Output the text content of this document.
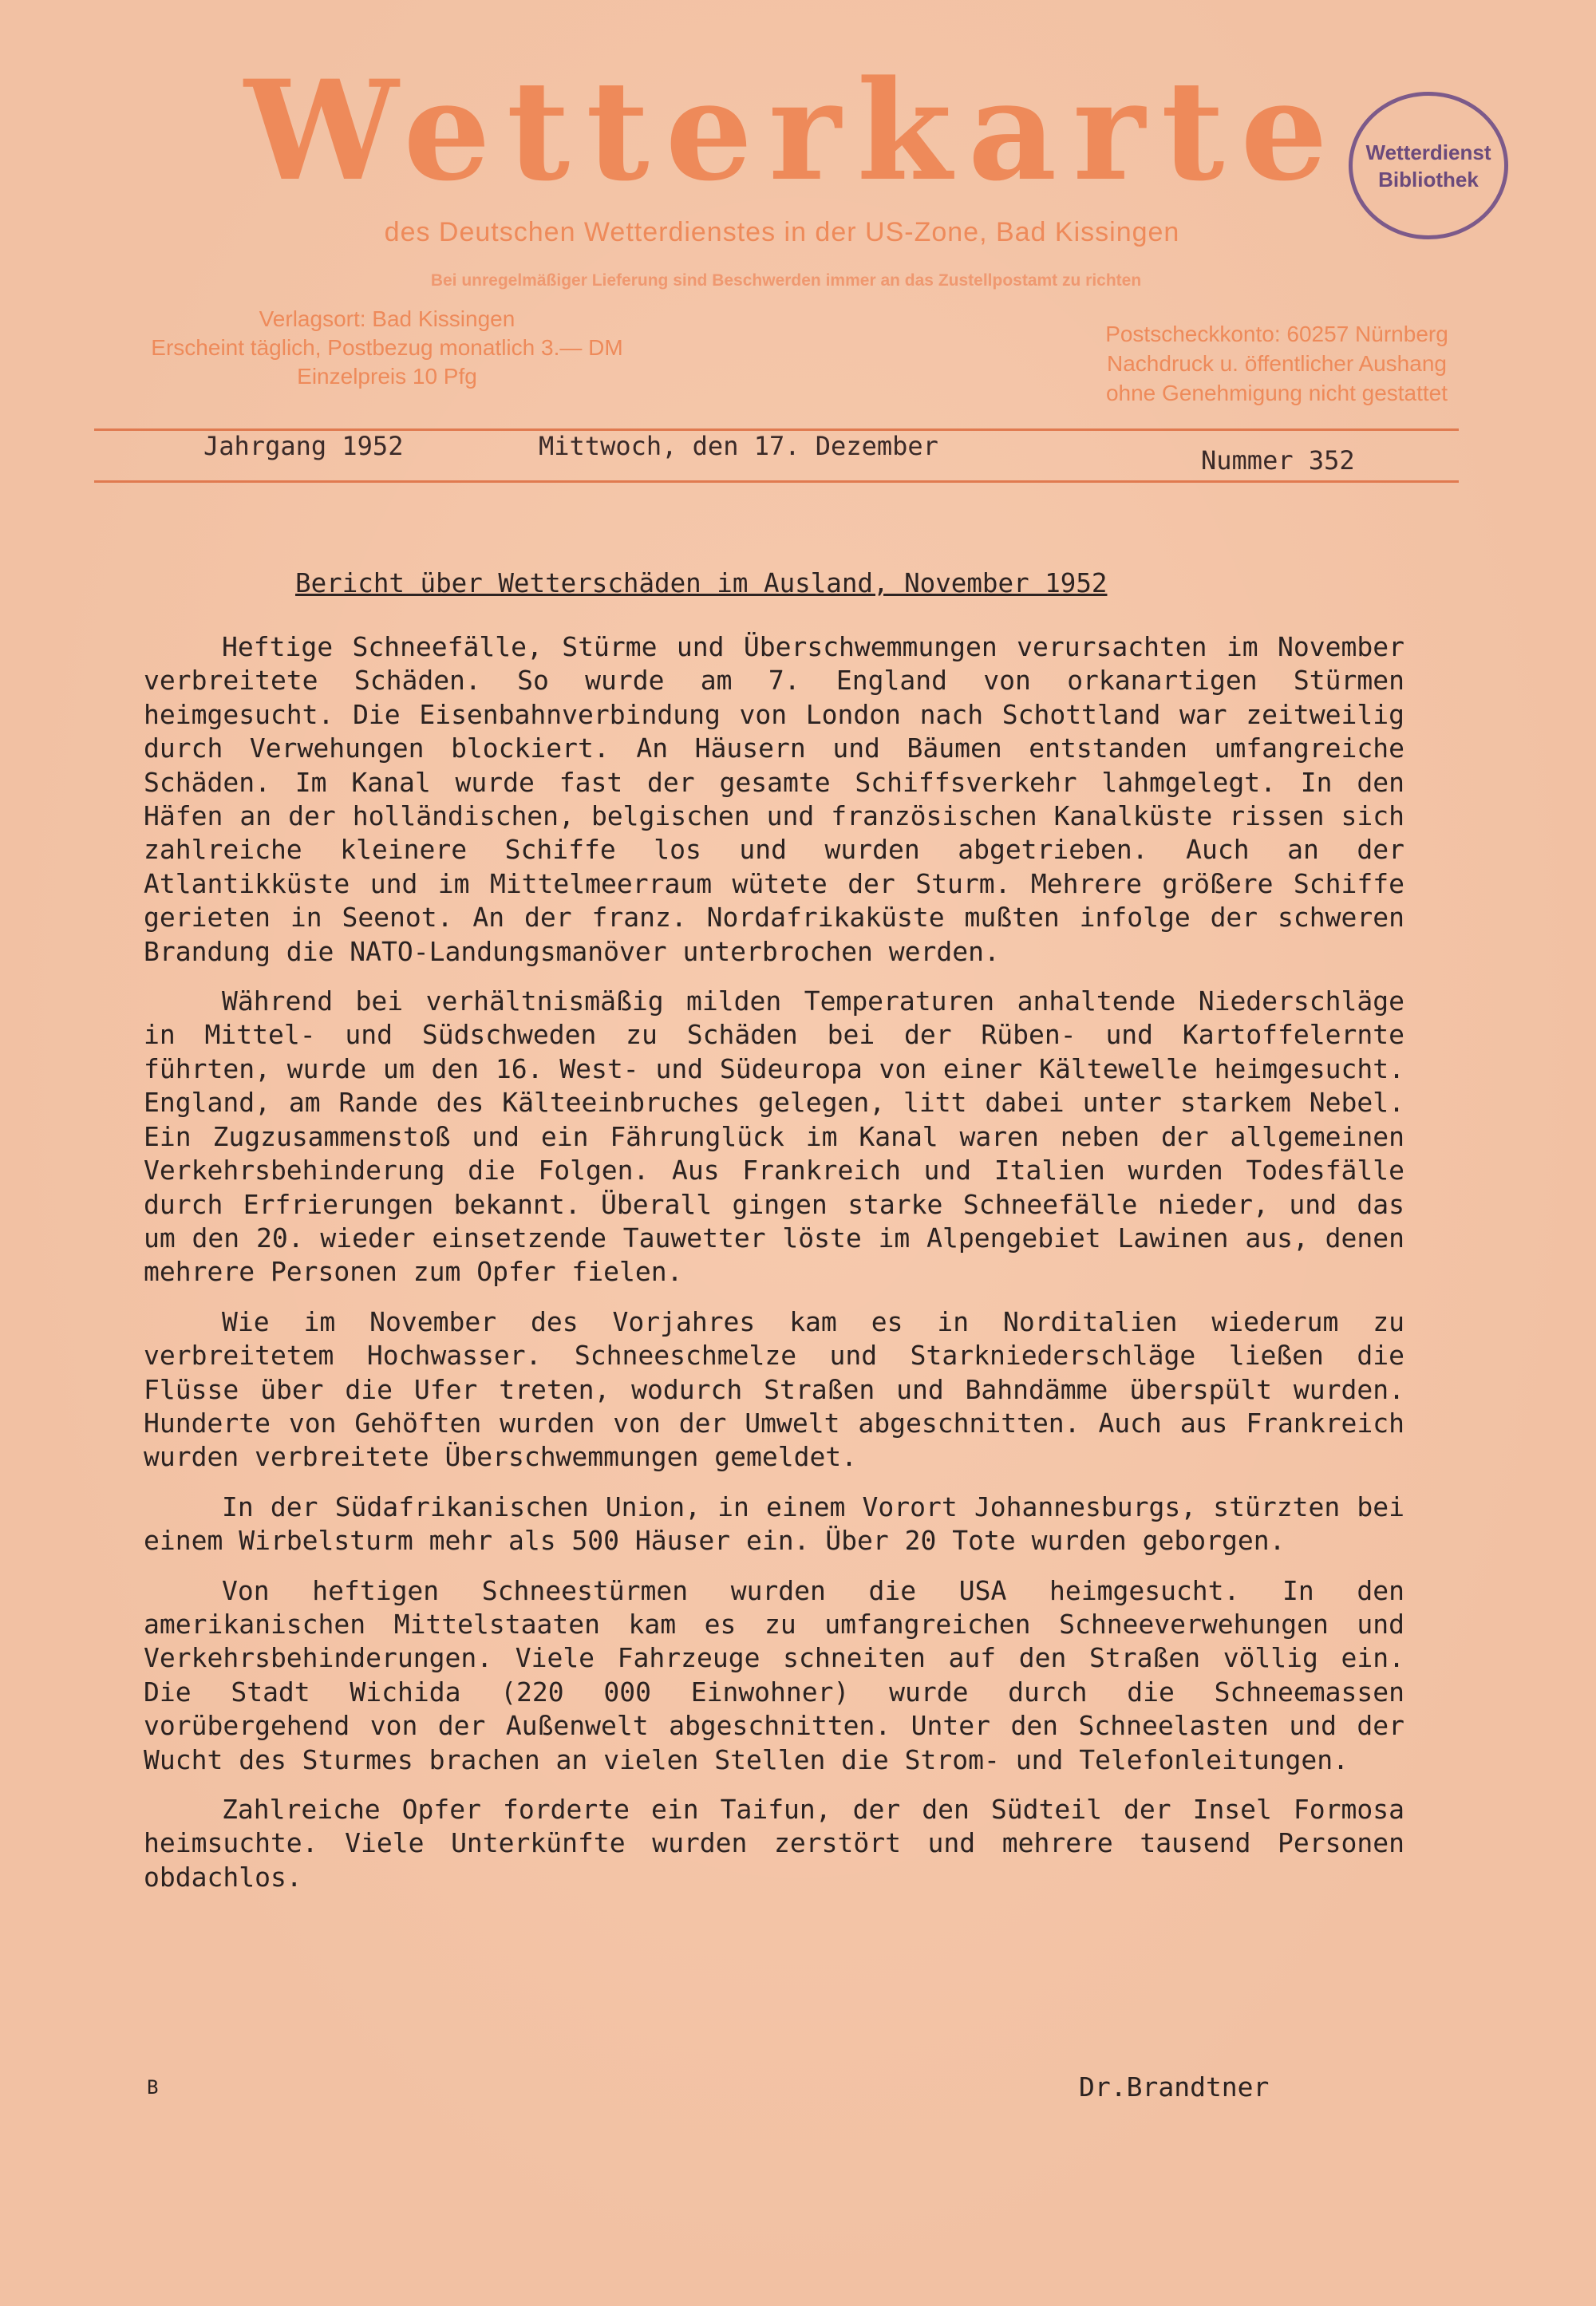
Wetterkarte
des Deutschen Wetterdienstes in der US-Zone, Bad Kissingen
Bei unregelmäßiger Lieferung sind Beschwerden immer an das Zustellpostamt zu richten
Verlagsort: Bad Kissingen
Erscheint täglich, Postbezug monatlich 3.— DM
Einzelpreis 10 Pfg
Postscheckkonto: 60257 Nürnberg
Nachdruck u. öffentlicher Aushang
ohne Genehmigung nicht gestattet
Wetterdienst
Bibliothek
Jahrgang 1952	Mittwoch, den 17. Dezember	Nummer 352
Bericht über Wetterschäden im Ausland, November 1952

Heftige Schneefälle, Stürme und Überschwemmungen verursachten im November verbreitete Schäden. So wurde am 7. England von orkanartigen Stürmen heimgesucht. Die Eisenbahnverbindung von London nach Schottland war zeitweilig durch Verwehungen blockiert. An Häusern und Bäumen entstanden umfangreiche Schäden. Im Kanal wurde fast der gesamte Schiffsverkehr lahmgelegt. In den Häfen an der holländischen, belgischen und französischen Kanalküste rissen sich zahlreiche kleinere Schiffe los und wurden abgetrieben. Auch an der Atlantikküste und im Mittelmeerraum wütete der Sturm. Mehrere größere Schiffe gerieten in Seenot. An der franz. Nordafrikaküste mußten infolge der schweren Brandung die NATO-Landungsmanöver unterbrochen werden.

Während bei verhältnismäßig milden Temperaturen anhaltende Niederschläge in Mittel- und Südschweden zu Schäden bei der Rüben- und Kartoffelernte führten, wurde um den 16. West- und Südeuropa von einer Kältewelle heimgesucht. England, am Rande des Kälteeinbruches gelegen, litt dabei unter starkem Nebel. Ein Zugzusammenstoß und ein Fährunglück im Kanal waren neben der allgemeinen Verkehrsbehinderung die Folgen. Aus Frankreich und Italien wurden Todesfälle durch Erfrierungen bekannt. Überall gingen starke Schneefälle nieder, und das um den 20. wieder einsetzende Tauwetter löste im Alpengebiet Lawinen aus, denen mehrere Personen zum Opfer fielen.

Wie im November des Vorjahres kam es in Norditalien wiederum zu verbreitetem Hochwasser. Schneeschmelze und Starkniederschläge ließen die Flüsse über die Ufer treten, wodurch Straßen und Bahndämme überspült wurden. Hunderte von Gehöften wurden von der Umwelt abgeschnitten. Auch aus Frankreich wurden verbreitete Überschwemmungen gemeldet.

In der Südafrikanischen Union, in einem Vorort Johannesburgs, stürzten bei einem Wirbelsturm mehr als 500 Häuser ein. Über 20 Tote wurden geborgen.

Von heftigen Schneestürmen wurden die USA heimgesucht. In den amerikanischen Mittelstaaten kam es zu umfangreichen Schneeverwehungen und Verkehrsbehinderungen. Viele Fahrzeuge schneiten auf den Straßen völlig ein. Die Stadt Wichida (220 000 Einwohner) wurde durch die Schneemassen vorübergehend von der Außenwelt abgeschnitten. Unter den Schneelasten und der Wucht des Sturmes brachen an vielen Stellen die Strom- und Telefonleitungen.

Zahlreiche Opfer forderte ein Taifun, der den Südteil der Insel Formosa heimsuchte. Viele Unterkünfte wurden zerstört und mehrere tausend Personen obdachlos.

B	Dr.Brandtner
